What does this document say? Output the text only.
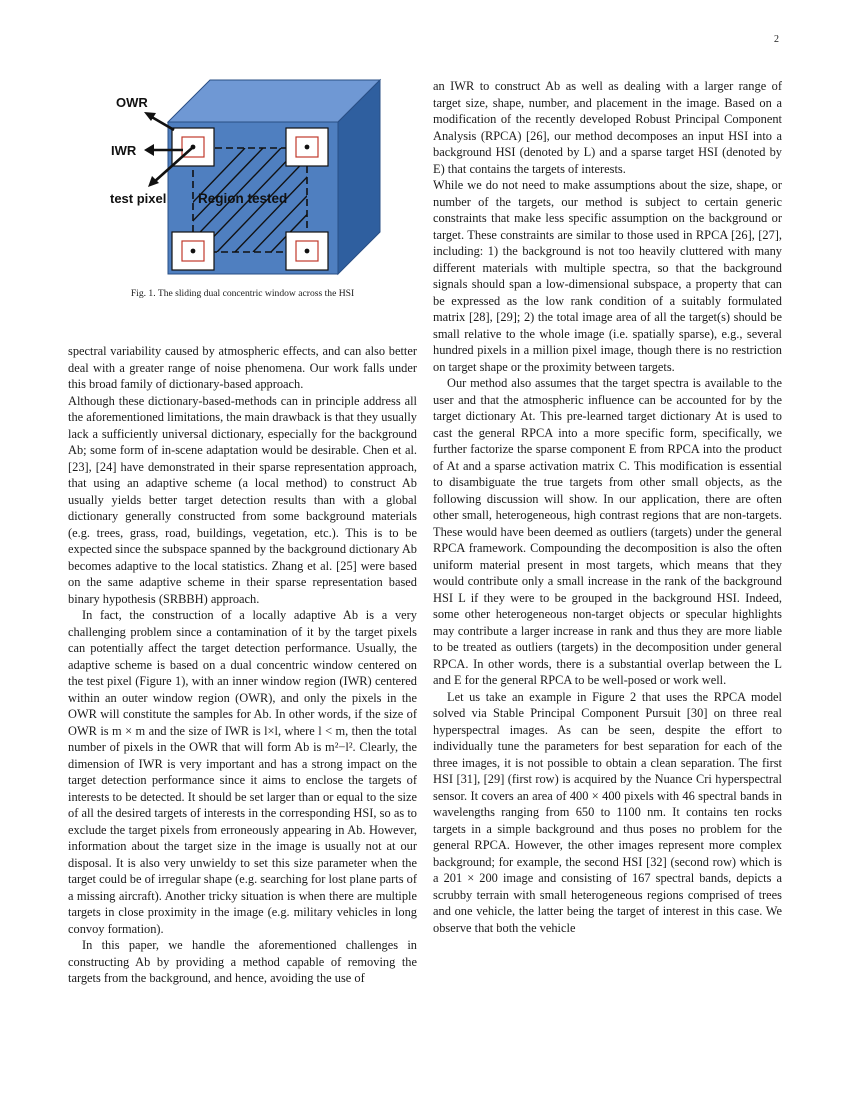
2
OWR
IWR
test pixel Region tested
Fig. 1. The sliding dual concentric window across the HSI

spectral variability caused by atmospheric effects, and can also better deal with a greater range of noise phenomena. Our work falls under this broad family of dictionary-based approach.

Although these dictionary-based-methods can in principle address all the aforementioned limitations, the main drawback is that they usually lack a sufficiently universal dictionary, especially for the background Ab; some form of in-scene adaptation would be desirable. Chen et al. [23], [24] have demonstrated in their sparse representation approach, that using an adaptive scheme (a local method) to construct Ab usually yields better target detection results than with a global dictionary generally constructed from some background materials (e.g. trees, grass, road, buildings, vegetation, etc.). This is to be expected since the subspace spanned by the background dictionary Ab becomes adaptive to the local statistics. Zhang et al. [25] were based on the same adaptive scheme in their sparse representation based binary hypothesis (SRBBH) approach.

In fact, the construction of a locally adaptive Ab is a very challenging problem since a contamination of it by the target pixels can potentially affect the target detection performance. Usually, the adaptive scheme is based on a dual concentric window centered on the test pixel (Figure 1), with an inner window region (IWR) centered within an outer window region (OWR), and only the pixels in the OWR will constitute the samples for Ab. In other words, if the size of OWR is m × m and the size of IWR is l×l, where l < m, then the total number of pixels in the OWR that will form Ab is m²−l². Clearly, the dimension of IWR is very important and has a strong impact on the target detection performance since it aims to enclose the targets of interests to be detected. It should be set larger than or equal to the size of all the desired targets of interests in the corresponding HSI, so as to exclude the target pixels from erroneously appearing in Ab. However, information about the target size in the image is usually not at our disposal. It is also very unwieldy to set this size parameter when the target could be of irregular shape (e.g. searching for lost plane parts of a missing aircraft). Another tricky situation is when there are multiple targets in close proximity in the image (e.g. military vehicles in long convoy formation).

In this paper, we handle the aforementioned challenges in constructing Ab by providing a method capable of removing the targets from the background, and hence, avoiding the use of

an IWR to construct Ab as well as dealing with a larger range of target size, shape, number, and placement in the image. Based on a modification of the recently developed Robust Principal Component Analysis (RPCA) [26], our method decomposes an input HSI into a background HSI (denoted by L) and a sparse target HSI (denoted by E) that contains the targets of interests.

While we do not need to make assumptions about the size, shape, or number of the targets, our method is subject to certain generic constraints that make less specific assumption on the background or target. These constraints are similar to those used in RPCA [26], [27], including: 1) the background is not too heavily cluttered with many different materials with multiple spectra, so that the background signals should span a low-dimensional subspace, a property that can be expressed as the low rank condition of a suitably formulated matrix [28], [29]; 2) the total image area of all the target(s) should be small relative to the whole image (i.e. spatially sparse), e.g., several hundred pixels in a million pixel image, though there is no restriction on target shape or the proximity between targets.

Our method also assumes that the target spectra is available to the user and that the atmospheric influence can be accounted for by the target dictionary At. This pre-learned target dictionary At is used to cast the general RPCA into a more specific form, specifically, we further factorize the sparse component E from RPCA into the product of At and a sparse activation matrix C. This modification is essential to disambiguate the true targets from other small objects, as the following discussion will show. In our application, there are often other small, heterogeneous, high contrast regions that are non-targets. These would have been deemed as outliers (targets) under the general RPCA framework. Compounding the decomposition is also the often uniform material present in most targets, which means that they would contribute only a small increase in the rank of the background HSI L if they were to be grouped in the background HSI. Indeed, some other heterogeneous non-target objects or specular highlights may contribute a larger increase in rank and thus they are more liable to be treated as outliers (targets) in the decomposition under general RPCA. In other words, there is a substantial overlap between the L and E for the general RPCA to be well-posed or work well.

Let us take an example in Figure 2 that uses the RPCA model solved via Stable Principal Component Pursuit [30] on three real hyperspectral images. As can be seen, despite the effort to individually tune the parameters for best separation for each of the three images, it is not possible to obtain a clean separation. The first HSI [31], [29] (first row) is acquired by the Nuance Cri hyperspectral sensor. It covers an area of 400 × 400 pixels with 46 spectral bands in wavelengths ranging from 650 to 1100 nm. It contains ten rocks targets in a simple background and thus poses no problem for the general RPCA. However, the other images represent more complex background; for example, the second HSI [32] (second row) which is a 201 × 200 image and consisting of 167 spectral bands, depicts a scrubby terrain with small heterogeneous regions comprised of trees and one vehicle, the latter being the target of interest in this case. We observe that both the vehicle
